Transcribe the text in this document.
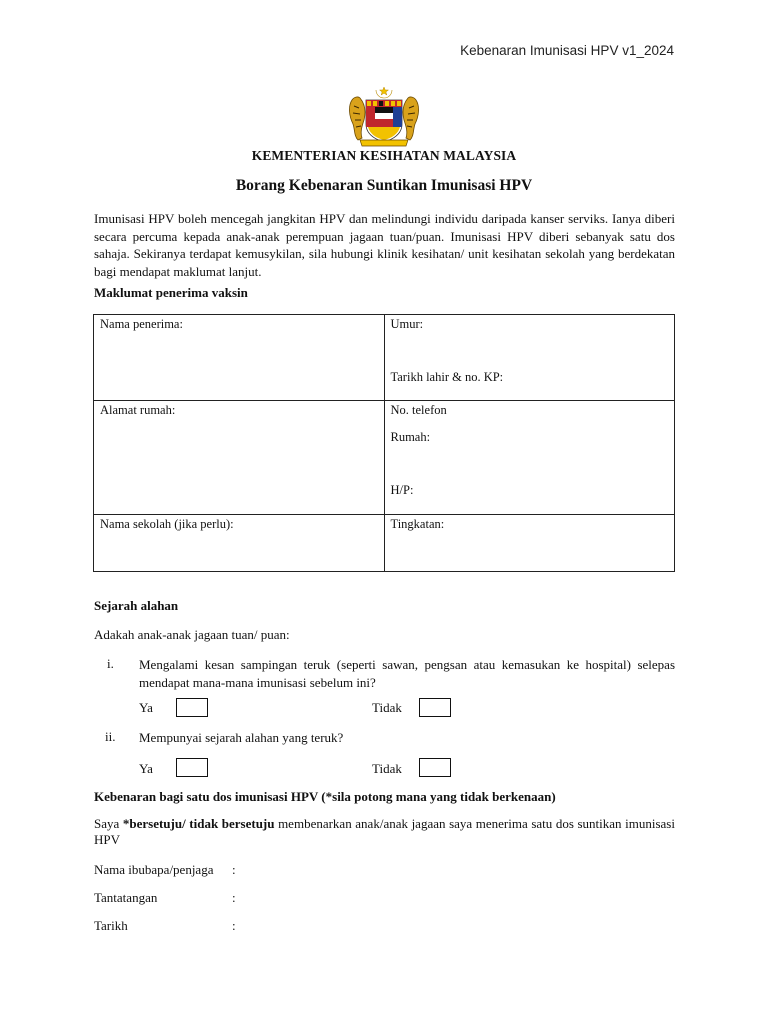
Kebenaran Imunisasi HPV v1_2024
KEMENTERIAN KESIHATAN MALAYSIA
Borang Kebenaran Suntikan Imunisasi HPV

Imunisasi HPV boleh mencegah jangkitan HPV dan melindungi individu daripada kanser serviks. Ianya diberi secara percuma kepada anak-anak perempuan jagaan tuan/puan. Imunisasi HPV diberi sebanyak satu dos sahaja. Sekiranya terdapat kemusykilan, sila hubungi klinik kesihatan/ unit kesihatan sekolah yang berdekatan bagi mendapat maklumat lanjut.

Maklumat penerima vaksin
Nama penerima:	Umur:
Tarikh lahir & no. KP:

Alamat rumah:	No. telefon
Rumah:
H/P:

Nama sekolah (jika perlu):	Tingkatan:
Sejarah alahan
Adakah anak-anak jagaan tuan/ puan:
i.	Mengalami kesan sampingan teruk (seperti sawan, pengsan atau kemasukan ke hospital) selepas mendapat mana-mana imunisasi sebelum ini?

Ya	Tidak
ii.	Mempunyai sejarah alahan yang teruk?

Ya	Tidak
Kebenaran bagi satu dos imunisasi HPV (*sila potong mana yang tidak berkenaan)

Saya *bersetuju/ tidak bersetuju membenarkan anak/anak jagaan saya menerima satu dos suntikan imunisasi HPV

Nama ibubapa/penjaga :
Tantatangan	:
Tarikh	:
